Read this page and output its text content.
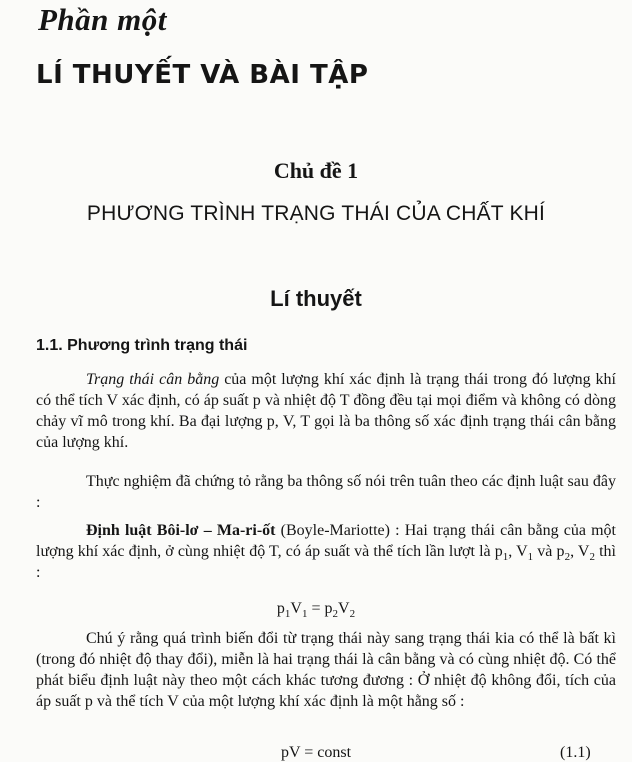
Phần một
LÍ THUYẾT VÀ BÀI TẬP
Chủ đề 1
PHƯƠNG TRÌNH TRẠNG THÁI CỦA CHẤT KHÍ
Lí thuyết
1.1. Phương trình trạng thái
Trạng thái cân bằng của một lượng khí xác định là trạng thái trong đó lượng khí có thể tích V xác định, có áp suất p và nhiệt độ T đồng đều tại mọi điểm và không có dòng chảy vĩ mô trong khí. Ba đại lượng p, V, T gọi là ba thông số xác định trạng thái cân bằng của lượng khí.
Thực nghiệm đã chứng tỏ rằng ba thông số nói trên tuân theo các định luật sau đây :
Định luật Bôi-lơ – Ma-ri-ốt (Boyle-Mariotte) : Hai trạng thái cân bằng của một lượng khí xác định, ở cùng nhiệt độ T, có áp suất và thể tích lần lượt là $p_1$, $V_1$ và $p_2$, $V_2$ thì :
$p_1V_1 = p_2V_2$
Chú ý rằng quá trình biến đổi từ trạng thái này sang trạng thái kia có thể là bất kì (trong đó nhiệt độ thay đổi), miễn là hai trạng thái là cân bằng và có cùng nhiệt độ. Có thể phát biểu định luật này theo một cách khác tương đương : Ở nhiệt độ không đổi, tích của áp suất p và thể tích V của một lượng khí xác định là một hằng số :
pV = const	(1.1)
